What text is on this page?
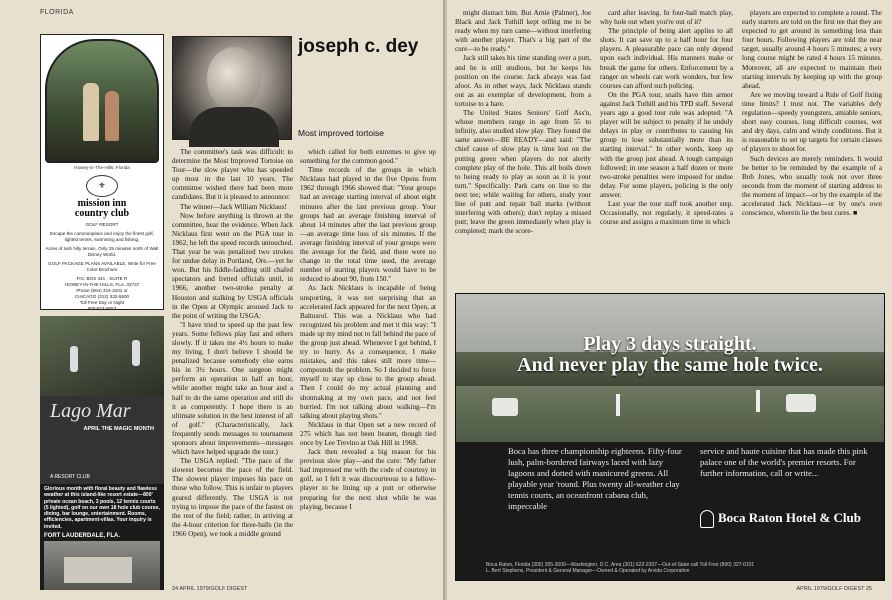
FLORIDA
Howey-In-The-Hills, Florida
⚜
mission inn
country club
GOLF RESORT
Escape the commonplace and enjoy the finest golf, lighted tennis, swimming and fishing.
Acres of lush hilly terrain. Only 25 minutes north of Walt Disney World.
GOLF PACKAGE PLANS AVAILABLE. Write for Free Color Brochure
P.O. BOX 441 · SUITE R
HOWEY-IN-THE-HILLS, FLA. 32737
Phone (904) 324-3101 or
CHICAGO (312) 332-5500
Toll Free Day or Night
800-874-9053
Lago Mar
APRIL THE MAGIC MONTH
A RESORT CLUB
Glorious month with floral beauty and flawless weather at this island-like resort estate—800' private ocean beach, 3 pools, 12 tennis courts (5 lighted), golf on our own 18 hole club course, dining, bar lounge, entertainment. Rooms, efficiencies, apartment-villas. Your inquiry is invited.
FORT LAUDERDALE, FLA.
joseph c. dey
Most improved tortoise

The committee's task was difficult: to determine the Most Improved Tortoise on Tour—the slow player who has speeded up most in the last 10 years. The committee wished there had been more candidates. But it is pleased to announce:

The winner—Jack William Nicklaus!

Now before anything is thrown at the committee, hear the evidence. When Jack Nicklaus first went on the PGA tour in 1962, he left the speed records untouched. That year he was penalized two strokes for undue delay in Portland, Ore.—yet he won. But his fiddle-faddling still chafed spectators and fretted officials until, in 1966, another two-stroke penalty at Houston and stalking by USGA officials in the Open at Olympic aroused Jack to the point of writing the USGA:

"I have tried to speed up the past few years. Some fellows play fast and others slowly. If it takes me 4½ hours to make my living, I don't believe I should be penalized because somebody else earns his in 3½ hours. One surgeon might perform an operation in half an hour, while another might take an hour and a half to do the same operation and still do it as competently. I hope there is an ultimate solution in the best interest of all of golf." (Characteristically, Jack frequently sends messages to tournament sponsors about improvements—messages which have helped upgrade the tour.)

The USGA replied: "The pace of the slowest becomes the pace of the field. The slowest player imposes his pace on those who follow. This is unfair to players geared differently. The USGA is not trying to impose the pace of the fastest on the rest of the field; rather, in arriving at the 4-hour criterion for three-balls (in the 1966 Open), we took a middle ground

which called for both extremes to give up something for the common good."

Time records of the groups in which Nicklaus had played in the five Opens from 1962 through 1966 showed that: "Your groups had an average starting interval of about eight minutes after the last previous group. Your groups had an average finishing interval of about 14 minutes after the last previous group—an average time loss of six minutes. If the average finishing interval of your groups were the average for the field, and there were no change in the total time used, the average number of starting players would have to be reduced to about 90, from 150."

As Jack Nicklaus is incapable of being unsporting, it was not surprising that an accelerated Jack appeared for the next Open, at Baltusrol. This was a Nicklaus who had recognized his problem and met it this way: "I made up my mind not to fall behind the pace of the group just ahead. Whenever I get behind, I try to hurry. As a consequence, I make mistakes, and this takes still more time—compounds the problem. So I decided to force myself to stay up close to the group ahead. Then I could do my actual planning and shotmaking at my own pace, and not feel hurried. I'm not talking about walking—I'm talking about playing shots."

Nicklaus in that Open set a new record of 275 which has not been beaten, though tied once by Lee Trevino at Oak Hill in 1968.

Jack then revealed a big reason for his previous slow play—and the cure: "My father had impressed me with the code of courtesy in golf, so I felt it was discourteous to a fellow-player to be lining up a putt or otherwise preparing for the next shot while he was playing, because I

24 APRIL 1979/GOLF DIGEST

might distract him. But Arnie (Palmer), Joe Black and Jack Tuthill kept telling me to be ready when my turn came—without interfering with another player. That's a big part of the cure—to be ready."

Jack still takes his time standing over a putt, and he is still studious, but he keeps his position on the course. Jack always was fast afoot. As in other ways, Jack Nicklaus stands out as an exemplar of development, from a tortoise to a hare.

The United States Seniors' Golf Ass'n, whose members range in age from 55 to infinity, also studied slow play. They found the same answer—BE READY—and said: "The chief cause of slow play is time lost on the putting green when players do not alertly complete play of the hole. This all boils down to being ready to play as soon as it is your turn." Specifically: Park carts on line to the next tee; while waiting for others, study your line of putt and repair ball marks (without interfering with others); don't replay a missed putt; leave the green immediately when play is completed; mark the score-

card after leaving. In four-ball match play, why hole out when you're out of it?

The principle of being alert applies to all shots. It can save up to a half hour for four players. A pleasurable pace can only depend upon each individual. His manners make or break the game for others. Enforcement by a ranger on wheels can work wonders, but few courses can afford such policing.

On the PGA tour, snails have thin armor against Jack Tuthill and his TPD staff. Several years ago a good tour rule was adopted: "A player will be subject to penalty if he unduly delays in play or contributes to causing his group to lose substantially more than its starting interval." In other words, keep up with the group just ahead. A tough campaign followed; in one season a half dozen or more two-stroke penalties were imposed for undue delay. For some players, policing is the only answer.

Last year the tour staff took another step. Occasionally, not regularly, it speed-rates a course and assigns a maximum time in which

players are expected to complete a round. The early starters are told on the first tee that they are expected to get around in something less than four hours. Following players are told the near target, usually around 4 hours 5 minutes; a very long course might be rated 4 hours 15 minutes. Moreover, all are expected to maintain their starting intervals by keeping up with the group ahead.

Are we moving toward a Rule of Golf fixing time limits? I trust not. The variables defy regulation—speedy youngsters, amiable seniors, short easy courses, long difficult courses, wet and dry days, calm and windy conditions. But it is reasonable to set up targets for certain classes of players to shoot for.

Such devices are merely reminders. It would be better to be reminded by the example of a Bob Jones, who usually took not over three seconds from the moment of starting address to the moment of impact—or by the example of the accelerated Jack Nicklaus—or by one's own conscience, wherein lie the best cures. ■

Play 3 days straight.
And never play the same hole twice.
Boca has three championship eighteens. Fifty-four lush, palm-bordered fairways laced with lazy lagoons and dotted with manicured greens. All playable year 'round. Plus twenty all-weather clay tennis courts, an oceanfront cabana club, impeccable
service and haute cuisine that has made this pink palace one of the world's premier resorts. For further information, call or write...
Boca Raton Hotel & Club
Boca Raton, Florida (305) 395-3000—Washington, D.C. Area (301) 622-2307—Out-of-State call Toll Free (800) 327-0101
L. Bert Stephens, President & General Manager—Owned & Operated by Arvida Corporation
APRIL 1979/GOLF DIGEST 25
